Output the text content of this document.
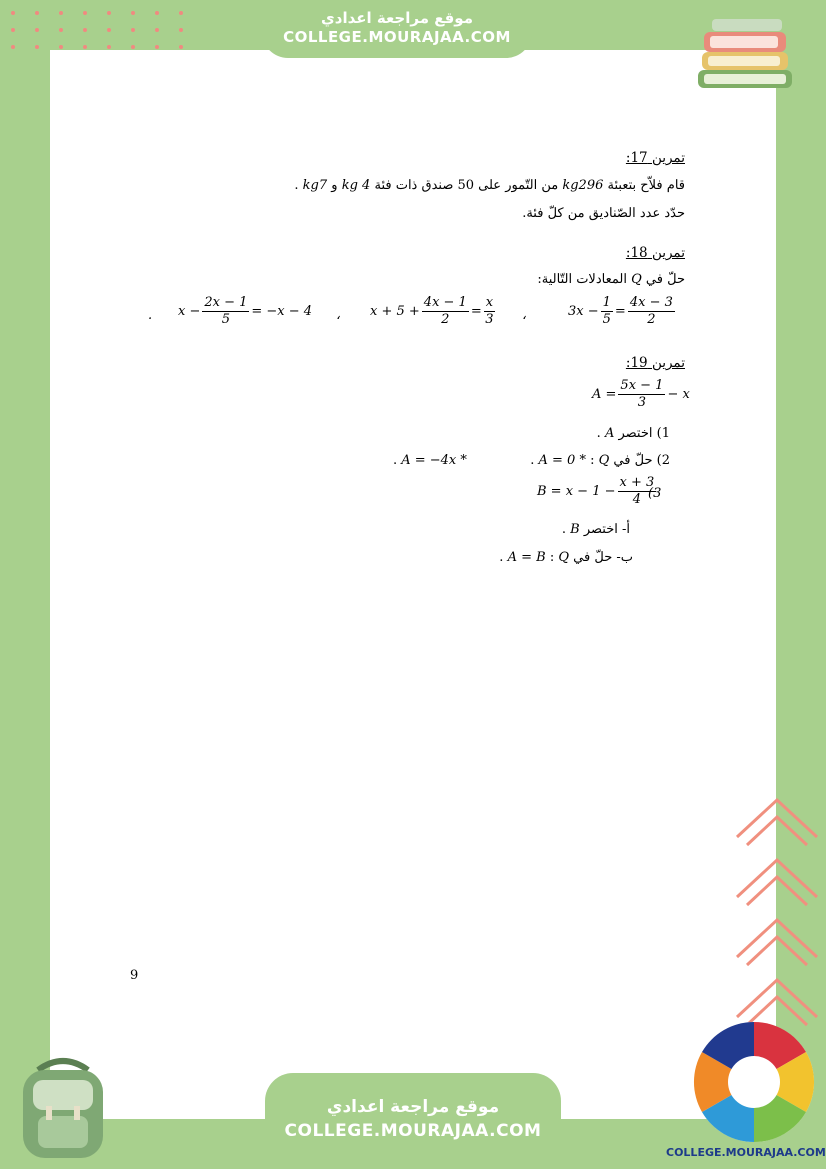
موقع مراجعة اعدادي
COLLEGE.MOURAJAA.COM
تمرين 17:
قام فلاّح بتعبئة 296kg من التّمور على 50 صندق ذات فئة 4 kg و 7kg .
حدّد عدد الصّناديق من كلّ فئة.
تمرين 18:
حلّ في Q المعادلات التّالية:
$3x - \frac{1}{5} = \frac{4x - 3}{2}$
،
$x + 5 + \frac{4x - 1}{2} = \frac{x}{3}$
،
$x - \frac{2x - 1}{5} = -x - 4$
.
تمرين 19:
$A = \frac{5x - 1}{3} - x$
1) اختصر A .
2) حلّ في Q : * A = 0 .  * A = −4x .
$B = x - 1 - \frac{x + 3}{4}$
(3
أ- اختصر B .
ب- حلّ في Q : A = B .
9
موقع مراجعة اعدادي
COLLEGE.MOURAJAA.COM
COLLEGE.MOURAJAA.COM
